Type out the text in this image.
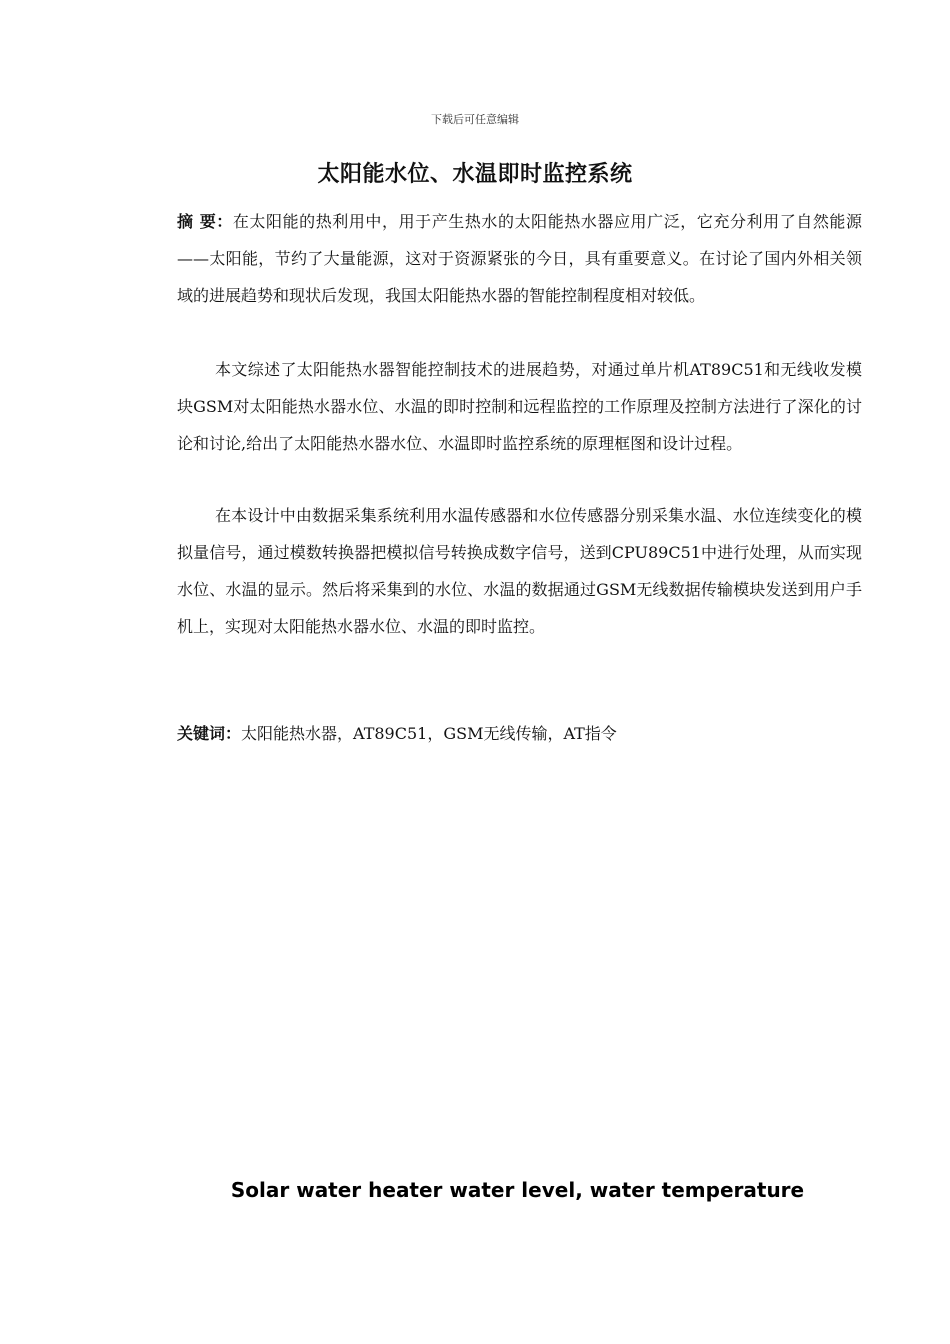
下载后可任意编辑
太阳能水位、水温即时监控系统

摘 要：在太阳能的热利用中，用于产生热水的太阳能热水器应用广泛，它充分利用了自然能源——太阳能，节约了大量能源，这对于资源紧张的今日，具有重要意义。在讨论了国内外相关领域的进展趋势和现状后发现，我国太阳能热水器的智能控制程度相对较低。

本文综述了太阳能热水器智能控制技术的进展趋势，对通过单片机AT89C51和无线收发模块GSM对太阳能热水器水位、水温的即时控制和远程监控的工作原理及控制方法进行了深化的讨论和讨论,给出了太阳能热水器水位、水温即时监控系统的原理框图和设计过程。

在本设计中由数据采集系统利用水温传感器和水位传感器分别采集水温、水位连续变化的模拟量信号，通过模数转换器把模拟信号转换成数字信号，送到CPU89C51中进行处理，从而实现水位、水温的显示。然后将采集到的水位、水温的数据通过GSM无线数据传输模块发送到用户手机上，实现对太阳能热水器水位、水温的即时监控。

关键词：太阳能热水器，AT89C51，GSM无线传输，AT指令

Solar water heater water level, water temperature
